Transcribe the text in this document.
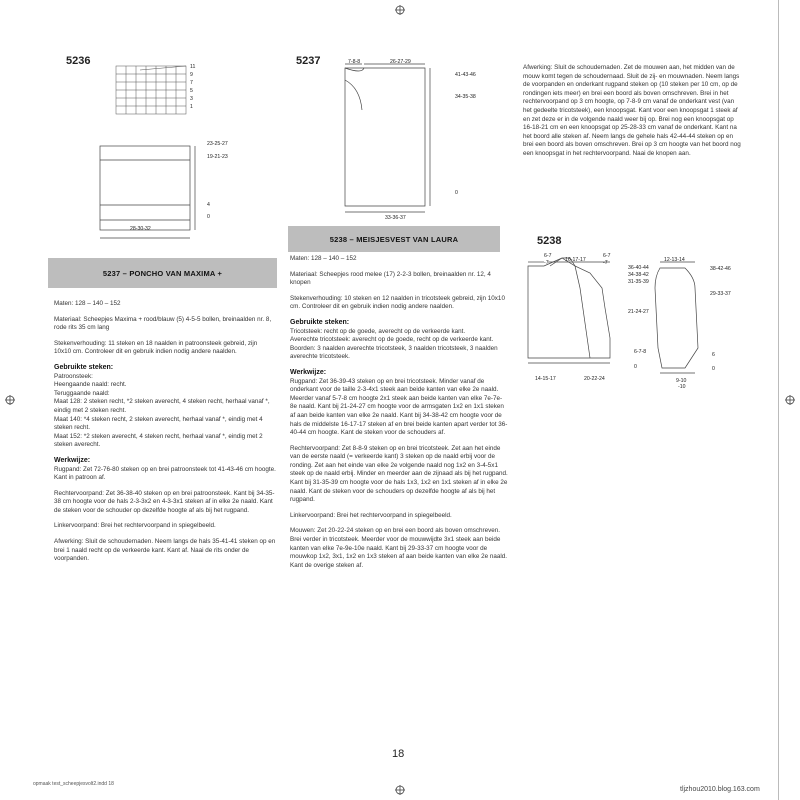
5236	5237
5238
11
9
7
5
3
1
23-25-27
19-21-23
4
0
28-30-32
7-8-8	26-27-29
41-43-46
34-35-38
0
33-36-37
5237 – PONCHO VAN MAXIMA +
5238 – MEISJESVEST VAN LAURA
6-7
-7	16-17-17
6-7
-7	12-13-14
36-40-44
34-38-42
31-35-39
21-24-27
6-7-8
0
38-42-46
29-33-37
6
0
14-15-17	20-22-24	9-10
-10

Maten: 128 – 140 – 152

Materiaal: Scheepjes Maxima + rood/blauw (5) 4-5-5 bollen, breinaalden nr. 8, rode rits 35 cm lang

Stekenverhouding: 11 steken en 18 naalden in patroonsteek gebreid, zijn 10x10 cm. Controleer dit en gebruik indien nodig andere naalden.

Gebruikte steken:
Patroonsteek:
Heengaande naald: recht.
Teruggaande naald:
Maat 128: 2 steken recht, *2 steken averecht, 4 steken recht, herhaal vanaf *, eindig met 2 steken recht.
Maat 140: *4 steken recht, 2 steken averecht, herhaal vanaf *, eindig met 4 steken recht.

Maat 152: *2 steken averecht, 4 steken recht, herhaal vanaf *, eindig met 2 steken averecht.

Werkwijze:

Rugpand: Zet 72-76-80 steken op en brei patroonsteek tot 41-43-46 cm hoogte. Kant in patroon af.

Rechtervoorpand: Zet 36-38-40 steken op en brei patroonsteek. Kant bij 34-35-38 cm hoogte voor de hals 2-3-3x2 en 4-3-3x1 steken af in elke 2e naald. Kant de steken voor de schouder op dezelfde hoogte af als bij het rugpand.

Linkervoorpand: Brei het rechtervoorpand in spiegelbeeld.

Afwerking: Sluit de schoudernaden. Neem langs de hals 35-41-41 steken op en brei 1 naald recht op de verkeerde kant. Kant af. Naai de rits onder de voorpanden.

Maten: 128 – 140 – 152

Materiaal: Scheepjes rood melee (17) 2-2-3 bollen, breinaalden nr. 12, 4 knopen

Stekenverhouding: 10 steken en 12 naalden in tricotsteek gebreid, zijn 10x10 cm. Controleer dit en gebruik indien nodig andere naalden.

Gebruikte steken:
Tricotsteek: recht op de goede, averecht op de verkeerde kant.
Averechte tricotsteek: averecht op de goede, recht op de verkeerde kant.

Boorden: 3 naalden averechte tricotsteek, 3 naalden tricotsteek, 3 naalden averechte tricotsteek.

Werkwijze:

Rugpand: Zet 36-39-43 steken op en brei tricotsteek. Minder vanaf de onderkant voor de taille 2-3-4x1 steek aan beide kanten van elke 2e naald. Meerder vanaf 5-7-8 cm hoogte 2x1 steek aan beide kanten van elke 7e-7e-8e naald. Kant bij 21-24-27 cm hoogte voor de armsgaten 1x2 en 1x1 steken af aan beide kanten van elke 2e naald. Kant bij 34-38-42 cm hoogte voor de hals de middelste 16-17-17 steken af en brei beide kanten apart verder tot 36-40-44 cm hoogte. Kant de steken voor de schouders af.

Rechtervoorpand: Zet 8-8-9 steken op en brei tricotsteek. Zet aan het einde van de eerste naald (= verkeerde kant) 3 steken op de naald erbij voor de ronding. Zet aan het einde van elke 2e volgende naald nog 1x2 en 3-4-5x1 steek op de naald erbij. Minder en meerder aan de zijnaad als bij het rugpand. Kant bij 31-35-39 cm hoogte voor de hals 1x3, 1x2 en 1x1 steken af in elke 2e naald. Kant de steken voor de schouders op dezelfde hoogte af als bij het rugpand.

Linkervoorpand: Brei het rechtervoorpand in spiegelbeeld.

Mouwen: Zet 20-22-24 steken op en brei een boord als boven omschreven. Brei verder in tricotsteek. Meerder voor de mouwwijdte 3x1 steek aan beide kanten van elke 7e-9e-10e naald. Kant bij 29-33-37 cm hoogte voor de mouwkop 1x2, 3x1, 1x2 en 1x3 steken af aan beide kanten van elke 2e naald. Kant de overige steken af.

Afwerking: Sluit de schoudernaden. Zet de mouwen aan, het midden van de mouw komt tegen de schoudernaad. Sluit de zij- en mouwnaden. Neem langs de voorpanden en onderkant rugpand steken op (10 steken per 10 cm, op de rondingen iets meer) en brei een boord als boven omschreven. Brei in het rechtervoorpand op 3 cm hoogte, op 7-8-9 cm vanaf de onderkant vest (van het gedeelte tricotsteek), een knoopsgat. Kant voor een knoopsgat 1 steek af en zet deze er in de volgende naald weer bij op. Brei nog een knoopsgat op 16-18-21 cm en een knoopsgat op 25-28-33 cm vanaf de onderkant. Kant na het boord alle steken af. Neem langs de gehele hals 42-44-44 steken op en brei een boord als boven omschreven. Brei op 3 cm hoogte van het boord nog een knoopsgat in het rechtervoorpand. Naai de knopen aan.

18
opmaak test_scheepjesvolt2.indd 18
tljzhou2010.blog.163.com
